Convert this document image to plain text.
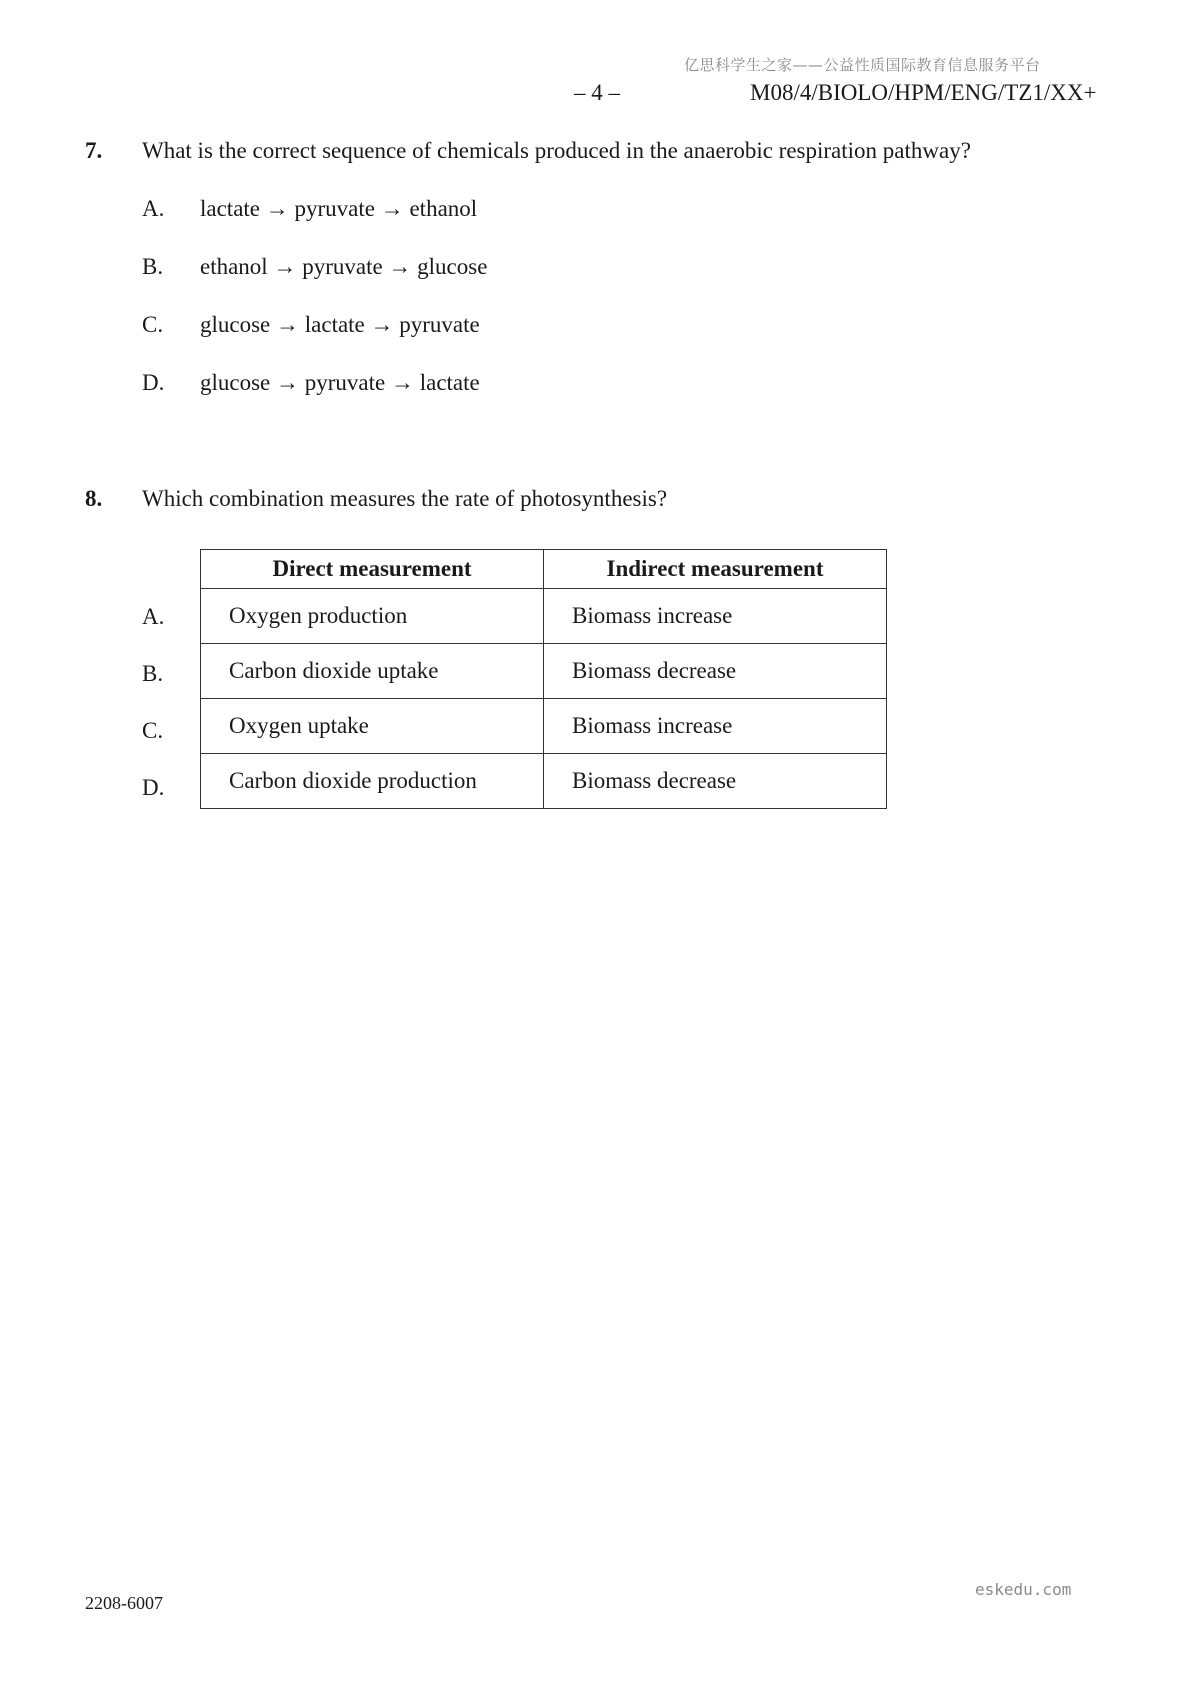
亿思科学生之家——公益性质国际教育信息服务平台
– 4 –	M08/4/BIOLO/HPM/ENG/TZ1/XX+
7. What is the correct sequence of chemicals produced in the anaerobic respiration pathway?
A. lactate → pyruvate → ethanol
B. ethanol → pyruvate → glucose
C. glucose → lactate → pyruvate
D. glucose → pyruvate → lactate
8. Which combination measures the rate of photosynthesis?
A.
B.
C.
D.
Direct measurement	Indirect measurement
Oxygen production	Biomass increase
Carbon dioxide uptake	Biomass decrease
Oxygen uptake	Biomass increase
Carbon dioxide production	Biomass decrease
2208-6007
eskedu.com
